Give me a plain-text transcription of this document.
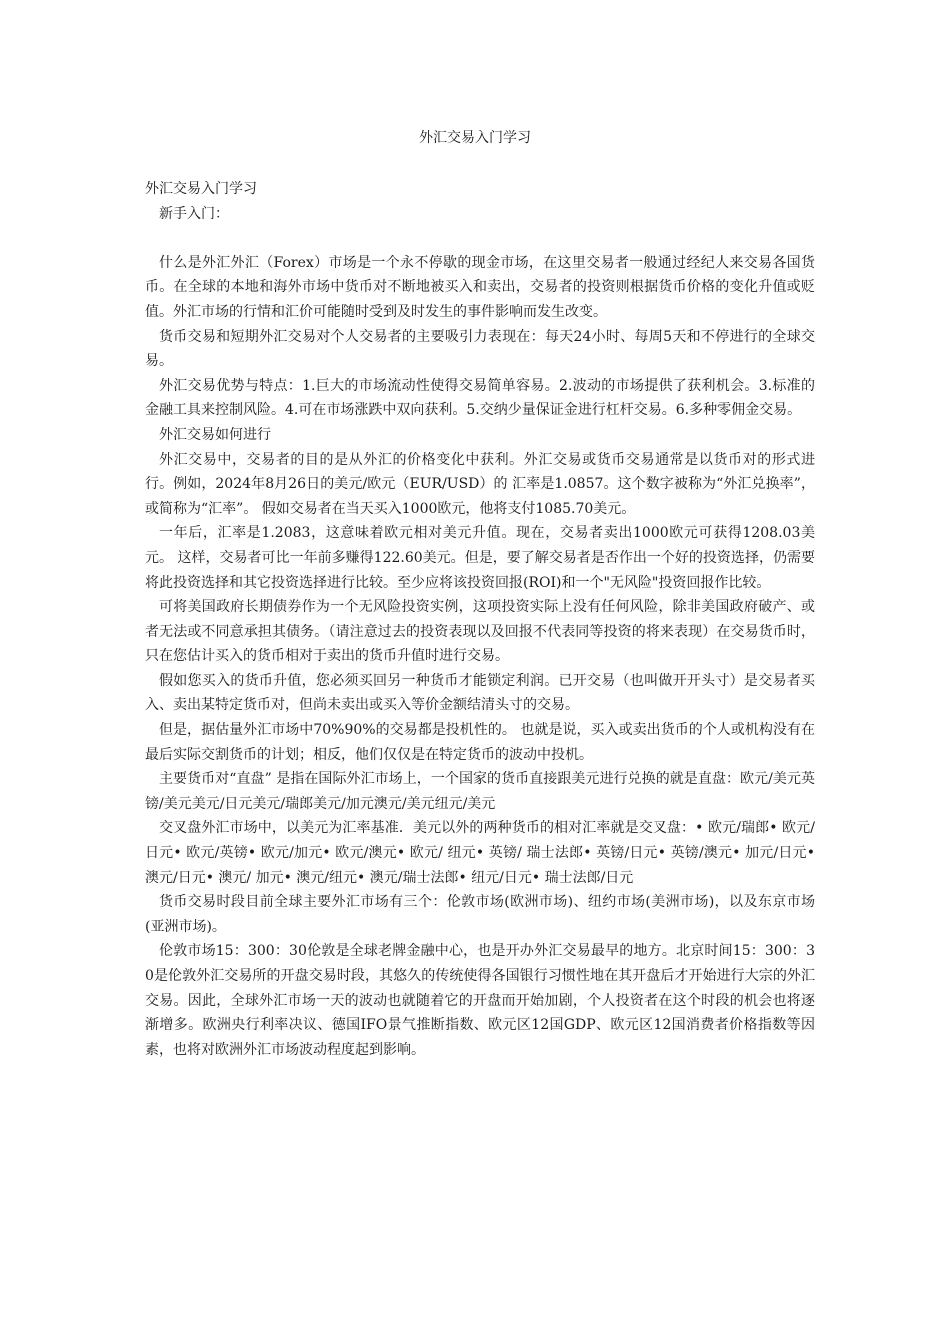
外汇交易入门学习

外汇交易入门学习

新手入门：

什么是外汇外汇（Forex）市场是一个永不停歇的现金市场，在这里交易者一般通过经纪人来交易各国货币。在全球的本地和海外市场中货币对不断地被买入和卖出，交易者的投资则根据货币价格的变化升值或贬值。外汇市场的行情和汇价可能随时受到及时发生的事件影响而发生改变。

货币交易和短期外汇交易对个人交易者的主要吸引力表现在：每天24小时、每周5天和不停进行的全球交易。

外汇交易优势与特点：1.巨大的市场流动性使得交易简单容易。2.波动的市场提供了获利机会。3.标准的金融工具来控制风险。4.可在市场涨跌中双向获利。5.交纳少量保证金进行杠杆交易。6.多种零佣金交易。

外汇交易如何进行

外汇交易中，交易者的目的是从外汇的价格变化中获利。外汇交易或货币交易通常是以货币对的形式进行。例如，2024年8月26日的美元/欧元（EUR/USD）的 汇率是1.0857。这个数字被称为“外汇兑换率”，或简称为“汇率”。 假如交易者在当天买入1000欧元，他将支付1085.70美元。

一年后，汇率是1.2083，这意味着欧元相对美元升值。现在，交易者卖出1000欧元可获得1208.03美元。 这样，交易者可比一年前多赚得122.60美元。但是，要了解交易者是否作出一个好的投资选择，仍需要将此投资选择和其它投资选择进行比较。至少应将该投资回报(ROI)和一个"无风险"投资回报作比较。

可将美国政府长期债券作为一个无风险投资实例，这项投资实际上没有任何风险，除非美国政府破产、或者无法或不同意承担其债务。（请注意过去的投资表现以及回报不代表同等投资的将来表现）在交易货币时，只在您估计买入的货币相对于卖出的货币升值时进行交易。

假如您买入的货币升值，您必须买回另一种货币才能锁定利润。已开交易（也叫做开开头寸）是交易者买入、卖出某特定货币对，但尚未卖出或买入等价金额结清头寸的交易。

但是，据估量外汇市场中70%90%的交易都是投机性的。 也就是说，买入或卖出货币的个人或机构没有在最后实际交割货币的计划；相反，他们仅仅是在特定货币的波动中投机。

主要货币对“直盘” 是指在国际外汇市场上，一个国家的货币直接跟美元进行兑换的就是直盘：欧元/美元英镑/美元美元/日元美元/瑞郎美元/加元澳元/美元纽元/美元

交叉盘外汇市场中，以美元为汇率基准．美元以外的两种货币的相对汇率就是交叉盘：• 欧元/瑞郎• 欧元/日元• 欧元/英镑• 欧元/加元• 欧元/澳元• 欧元/ 纽元• 英镑/ 瑞士法郎• 英镑/日元• 英镑/澳元• 加元/日元• 澳元/日元• 澳元/ 加元• 澳元/纽元• 澳元/瑞士法郎• 纽元/日元• 瑞士法郎/日元

货币交易时段目前全球主要外汇市场有三个：伦敦市场(欧洲市场)、纽约市场(美洲市场)，以及东京市场(亚洲市场)。

伦敦市场15：300：30伦敦是全球老牌金融中心，也是开办外汇交易最早的地方。北京时间15：300：30是伦敦外汇交易所的开盘交易时段，其悠久的传统使得各国银行习惯性地在其开盘后才开始进行大宗的外汇交易。因此，全球外汇市场一天的波动也就随着它的开盘而开始加剧，个人投资者在这个时段的机会也将逐渐增多。欧洲央行利率决议、德国IFO景气推断指数、欧元区12国GDP、欧元区12国消费者价格指数等因素，也将对欧洲外汇市场波动程度起到影响。
